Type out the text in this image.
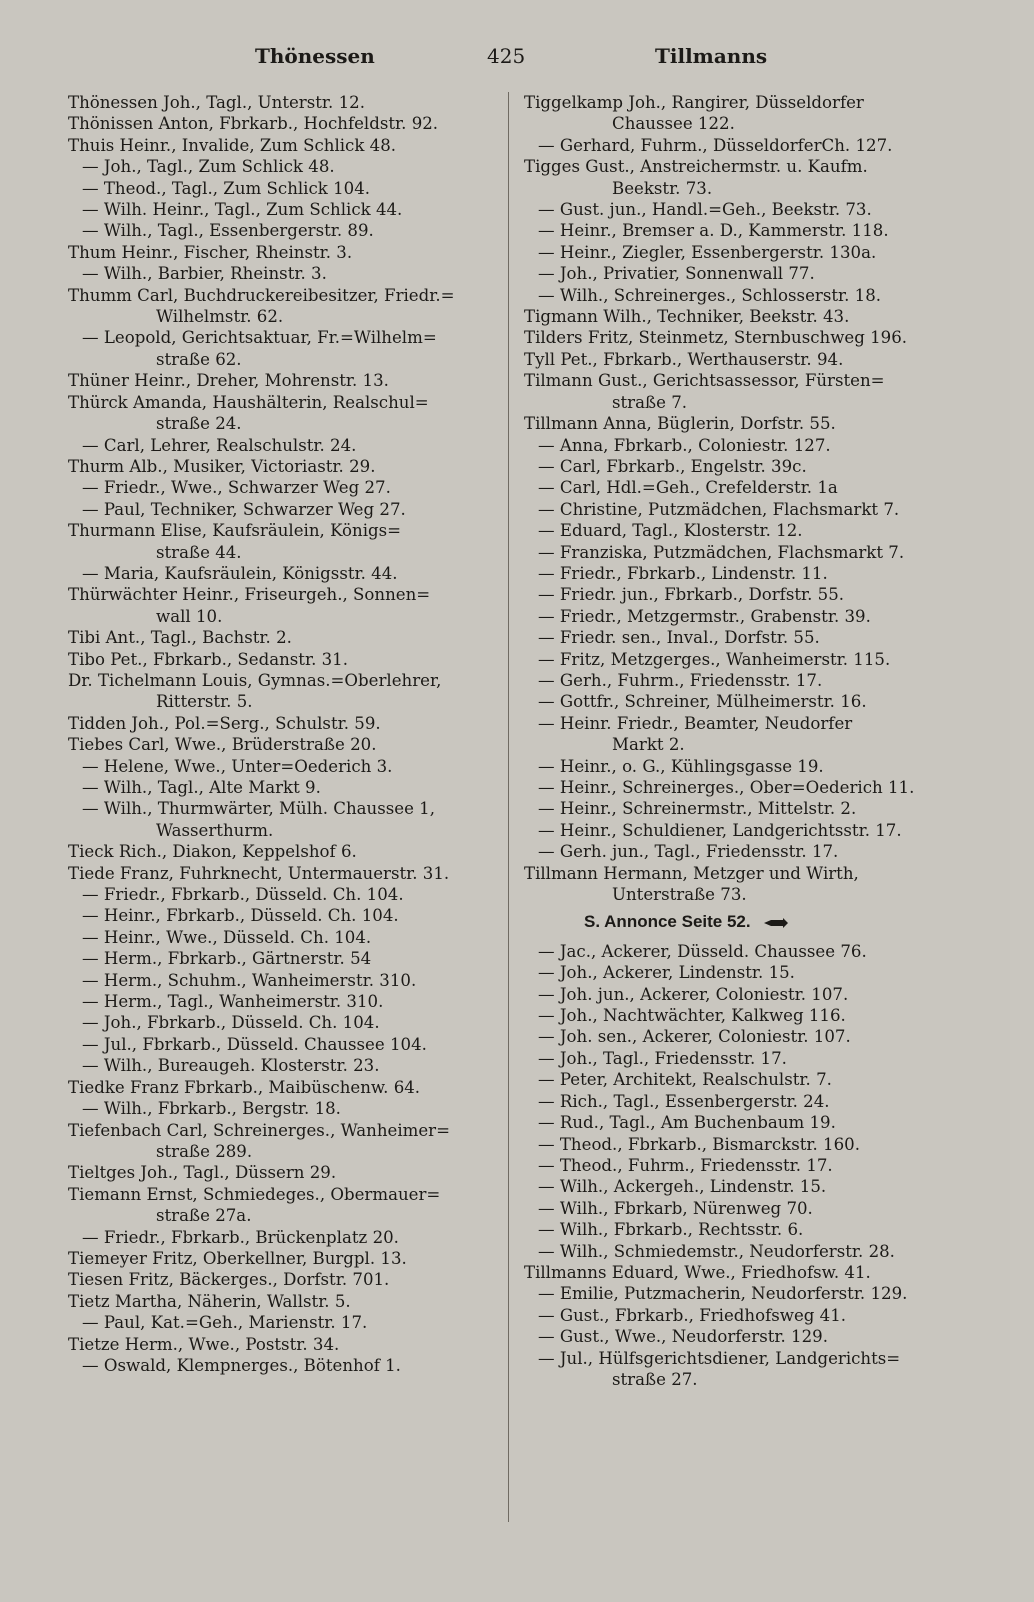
Thönessen	425	Tillmanns
Thönessen Joh., Tagl., Unterstr. 12.
Thönissen Anton, Fbrkarb., Hochfeldstr. 92.
Thuis Heinr., Invalide, Zum Schlick 48.
— Joh., Tagl., Zum Schlick 48.
— Theod., Tagl., Zum Schlick 104.
— Wilh. Heinr., Tagl., Zum Schlick 44.
— Wilh., Tagl., Essenbergerstr. 89.
Thum Heinr., Fischer, Rheinstr. 3.
— Wilh., Barbier, Rheinstr. 3.
Thumm Carl, Buchdruckereibesitzer, Friedr.=
Wilhelmstr. 62.
— Leopold, Gerichtsaktuar, Fr.=Wilhelm=
straße 62.
Thüner Heinr., Dreher, Mohrenstr. 13.
Thürck Amanda, Haushälterin, Realschul=
straße 24.
— Carl, Lehrer, Realschulstr. 24.
Thurm Alb., Musiker, Victoriastr. 29.
— Friedr., Wwe., Schwarzer Weg 27.
— Paul, Techniker, Schwarzer Weg 27.
Thurmann Elise, Kaufsräulein, Königs=
straße 44.
— Maria, Kaufsräulein, Königsstr. 44.
Thürwächter Heinr., Friseurgeh., Sonnen=
wall 10.
Tibi Ant., Tagl., Bachstr. 2.
Tibo Pet., Fbrkarb., Sedanstr. 31.
Dr. Tichelmann Louis, Gymnas.=Oberlehrer,
Ritterstr. 5.
Tidden Joh., Pol.=Serg., Schulstr. 59.
Tiebes Carl, Wwe., Brüderstraße 20.
— Helene, Wwe., Unter=Oederich 3.
— Wilh., Tagl., Alte Markt 9.
— Wilh., Thurmwärter, Mülh. Chaussee 1,
Wasserthurm.
Tieck Rich., Diakon, Keppelshof 6.
Tiede Franz, Fuhrknecht, Untermauerstr. 31.
— Friedr., Fbrkarb., Düsseld. Ch. 104.
— Heinr., Fbrkarb., Düsseld. Ch. 104.
— Heinr., Wwe., Düsseld. Ch. 104.
— Herm., Fbrkarb., Gärtnerstr. 54
— Herm., Schuhm., Wanheimerstr. 310.
— Herm., Tagl., Wanheimerstr. 310.
— Joh., Fbrkarb., Düsseld. Ch. 104.
— Jul., Fbrkarb., Düsseld. Chaussee 104.
— Wilh., Bureaugeh. Klosterstr. 23.
Tiedke Franz Fbrkarb., Maibüschenw. 64.
— Wilh., Fbrkarb., Bergstr. 18.
Tiefenbach Carl, Schreinerges., Wanheimer=
straße 289.
Tieltges Joh., Tagl., Düssern 29.
Tiemann Ernst, Schmiedeges., Obermauer=
straße 27a.
— Friedr., Fbrkarb., Brückenplatz 20.
Tiemeyer Fritz, Oberkellner, Burgpl. 13.
Tiesen Fritz, Bäckerges., Dorfstr. 701.
Tietz Martha, Näherin, Wallstr. 5.
— Paul, Kat.=Geh., Marienstr. 17.
Tietze Herm., Wwe., Poststr. 34.
— Oswald, Klempnerges., Bötenhof 1.
Tiggelkamp Joh., Rangirer, Düsseldorfer
Chaussee 122.
— Gerhard, Fuhrm., DüsseldorferCh. 127.
Tigges Gust., Anstreichermstr. u. Kaufm.
Beekstr. 73.
— Gust. jun., Handl.=Geh., Beekstr. 73.
— Heinr., Bremser a. D., Kammerstr. 118.
— Heinr., Ziegler, Essenbergerstr. 130a.
— Joh., Privatier, Sonnenwall 77.
— Wilh., Schreinerges., Schlosserstr. 18.
Tigmann Wilh., Techniker, Beekstr. 43.
Tilders Fritz, Steinmetz, Sternbuschweg 196.
Tyll Pet., Fbrkarb., Werthauserstr. 94.
Tilmann Gust., Gerichtsassessor, Fürsten=
straße 7.
Tillmann Anna, Büglerin, Dorfstr. 55.
— Anna, Fbrkarb., Coloniestr. 127.
— Carl, Fbrkarb., Engelstr. 39c.
— Carl, Hdl.=Geh., Crefelderstr. 1a
— Christine, Putzmädchen, Flachsmarkt 7.
— Eduard, Tagl., Klosterstr. 12.
— Franziska, Putzmädchen, Flachsmarkt 7.
— Friedr., Fbrkarb., Lindenstr. 11.
— Friedr. jun., Fbrkarb., Dorfstr. 55.
— Friedr., Metzgermstr., Grabenstr. 39.
— Friedr. sen., Inval., Dorfstr. 55.
— Fritz, Metzgerges., Wanheimerstr. 115.
— Gerh., Fuhrm., Friedensstr. 17.
— Gottfr., Schreiner, Mülheimerstr. 16.
— Heinr. Friedr., Beamter, Neudorfer
Markt 2.
— Heinr., o. G., Kühlingsgasse 19.
— Heinr., Schreinerges., Ober=Oederich 11.
— Heinr., Schreinermstr., Mittelstr. 2.
— Heinr., Schuldiener, Landgerichtsstr. 17.
— Gerh. jun., Tagl., Friedensstr. 17.
Tillmann Hermann, Metzger und Wirth,
Unterstraße 73.
S. Annonce Seite 52.
— Jac., Ackerer, Düsseld. Chaussee 76.
— Joh., Ackerer, Lindenstr. 15.
— Joh. jun., Ackerer, Coloniestr. 107.
— Joh., Nachtwächter, Kalkweg 116.
— Joh. sen., Ackerer, Coloniestr. 107.
— Joh., Tagl., Friedensstr. 17.
— Peter, Architekt, Realschulstr. 7.
— Rich., Tagl., Essenbergerstr. 24.
— Rud., Tagl., Am Buchenbaum 19.
— Theod., Fbrkarb., Bismarckstr. 160.
— Theod., Fuhrm., Friedensstr. 17.
— Wilh., Ackergeh., Lindenstr. 15.
— Wilh., Fbrkarb, Nürenweg 70.
— Wilh., Fbrkarb., Rechtsstr. 6.
— Wilh., Schmiedemstr., Neudorferstr. 28.
Tillmanns Eduard, Wwe., Friedhofsw. 41.
— Emilie, Putzmacherin, Neudorferstr. 129.
— Gust., Fbrkarb., Friedhofsweg 41.
— Gust., Wwe., Neudorferstr. 129.
— Jul., Hülfsgerichtsdiener, Landgerichts=
straße 27.
